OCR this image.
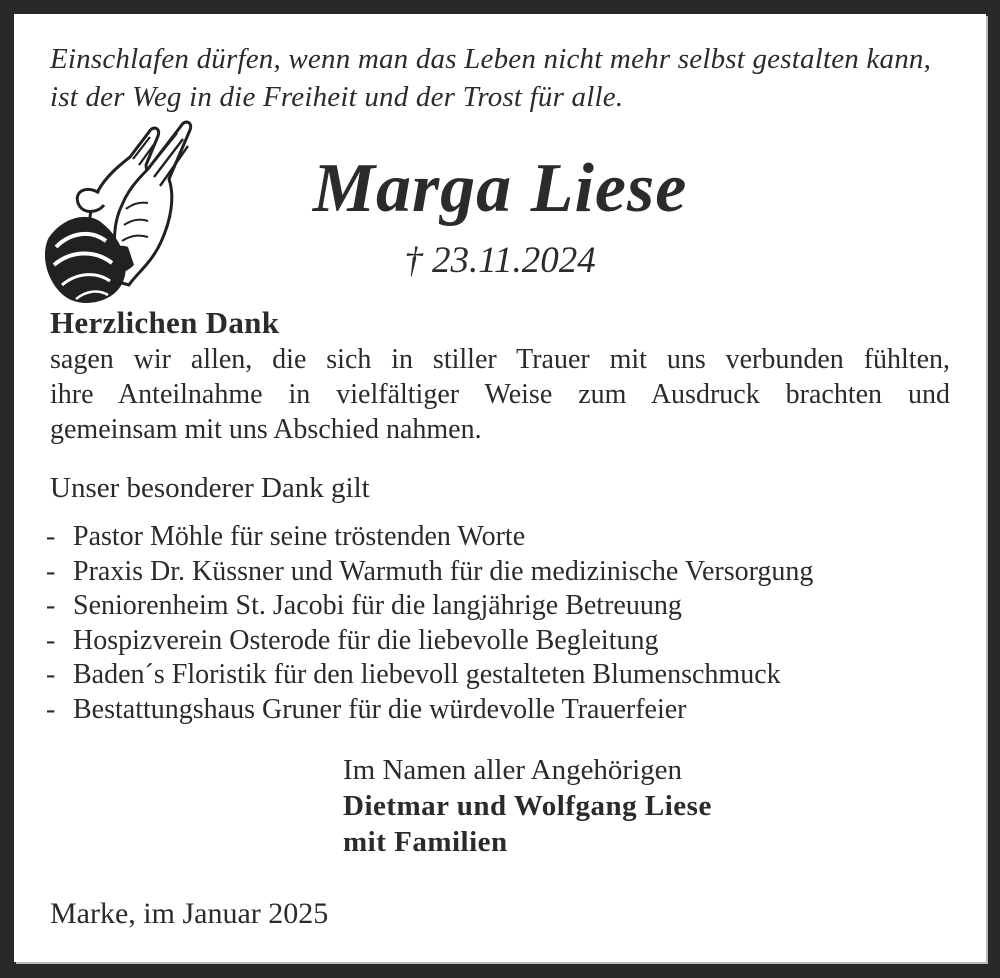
Einschlafen dürfen, wenn man das Leben nicht mehr selbst gestalten kann,
ist der Weg in die Freiheit und der Trost für alle.
Marga Liese
† 23.11.2024
Herzlichen Dank
sagen wir allen, die sich in stiller Trauer mit uns verbunden fühlten,
ihre Anteilnahme in vielfältiger Weise zum Ausdruck brachten und
gemeinsam mit uns Abschied nahmen.
Unser besonderer Dank gilt
- Pastor Möhle für seine tröstenden Worte
- Praxis Dr. Küssner und Warmuth für die medizinische Versorgung
- Seniorenheim St. Jacobi für die langjährige Betreuung
- Hospizverein Osterode für die liebevolle Begleitung
- Baden´s Floristik für den liebevoll gestalteten Blumenschmuck
- Bestattungshaus Gruner für die würdevolle Trauerfeier
Im Namen aller Angehörigen
Dietmar und Wolfgang Liese
mit Familien
Marke, im Januar 2025
